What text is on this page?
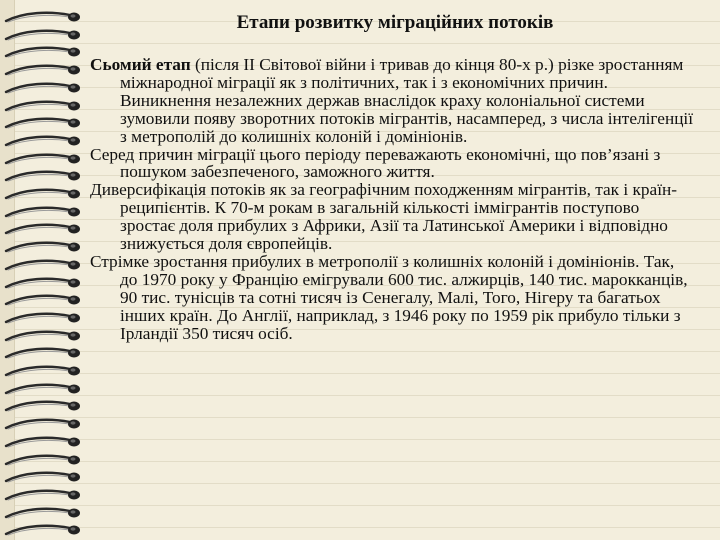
Етапи розвитку міграційних потоків

Сьомий етап (після II Світової війни і тривав до кінця 80-х р.) різке зростанням міжнародної міграції як з політичних, так і з економічних причин. Виникнення незалежних держав внаслідок краху колоніальної системи зумовили появу зворотних потоків мігрантів, насамперед, з числа інтелігенції з метрополій до колишніх колоній і домініонів.

Серед причин міграції цього періоду переважають економічні, що пов’язані з пошуком забезпеченого, заможного життя.

Диверсифікація потоків як за географічним походженням мігрантів, так і країн-реципієнтів. К 70-м рокам в загальній кількості іммігрантів поступово зростає доля прибулих з Африки, Азії та Латинської Америки і відповідно знижується доля європейців.

Стрімке зростання прибулих в метрополії з колишніх колоній і домініонів. Так, до 1970 року у Францію емігрували 600 тис. алжирців, 140 тис. марокканців, 90 тис. тунісців та сотні тисяч із Сенегалу, Малі, Того, Нігеру та багатьох інших країн. До Англії, наприклад, з 1946 року по 1959 рік прибуло тільки з Ірландії 350 тисяч осіб.
